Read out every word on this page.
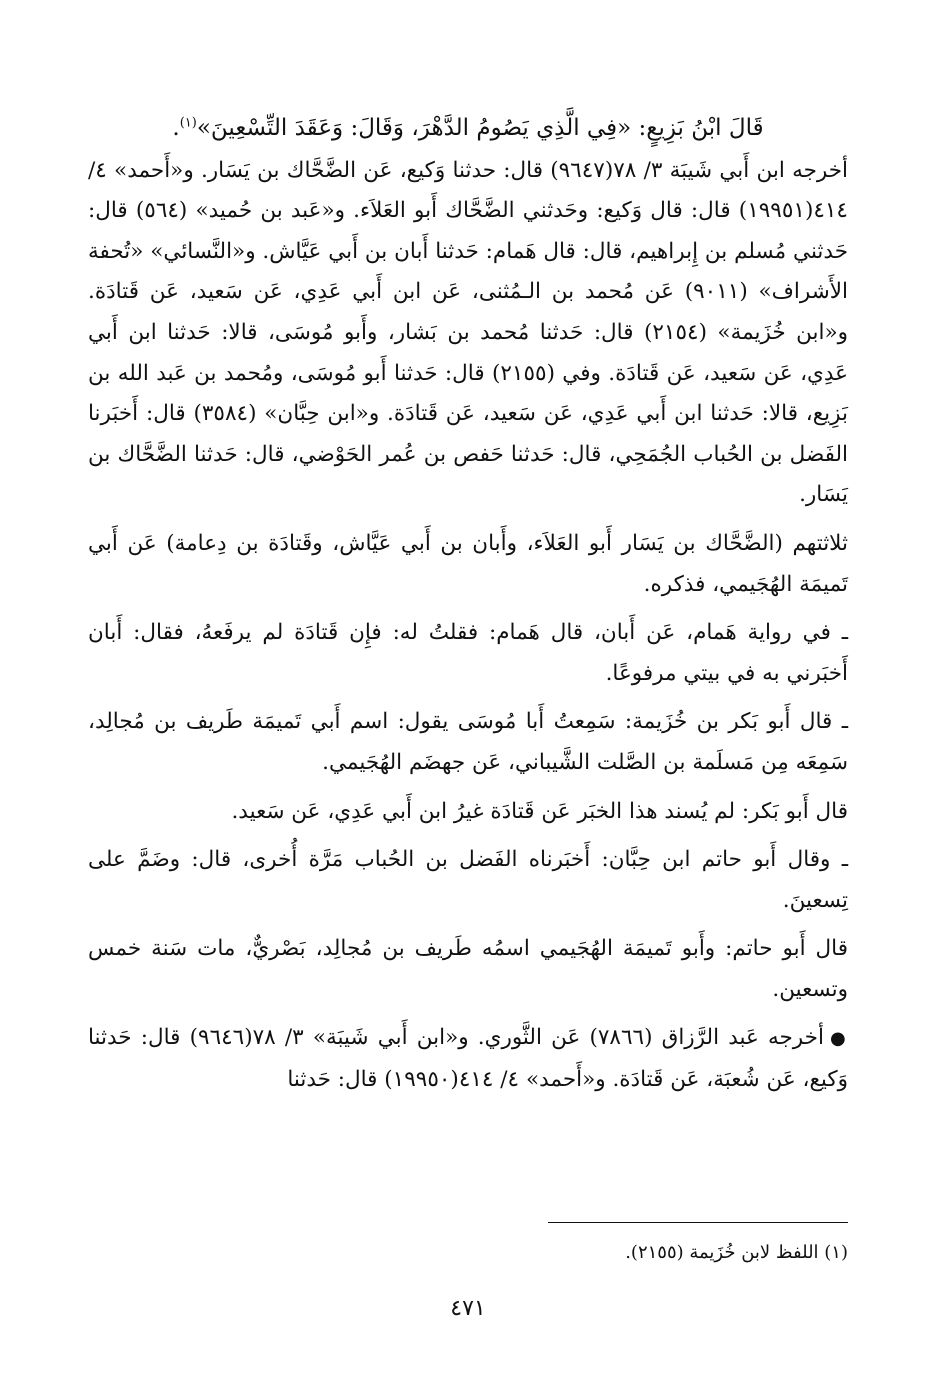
قَالَ ابْنُ بَزِيعٍ: «فِي الَّذِي يَصُومُ الدَّهْرَ، وَقَالَ: وَعَقَدَ التِّسْعِينَ»$^{(١)}$.

أخرجه ابن أَبي شَيبَة ٣/ ٧٨(٩٦٤٧) قال: حدثنا وَكيع، عَن الضَّحَّاك بن يَسَار. و«أَحمد» ٤/ ٤١٤(١٩٩٥١) قال: قال وَكيع: وحَدثني الضَّحَّاك أَبو العَلاَء. و«عَبد بن حُميد» (٥٦٤) قال: حَدثني مُسلم بن إِبراهيم، قال: قال هَمام: حَدثنا أَبان بن أَبي عَيَّاش. و«النَّسائي» «تُحفة الأَشراف» (٩٠١١) عَن مُحمد بن الـمُثنى، عَن ابن أَبي عَدِي، عَن سَعيد، عَن قَتادَة. و«ابن خُزَيمة» (٢١٥٤) قال: حَدثنا مُحمد بن بَشار، وأَبو مُوسَى، قالا: حَدثنا ابن أَبي عَدِي، عَن سَعيد، عَن قَتادَة. وفي (٢١٥٥) قال: حَدثنا أَبو مُوسَى، ومُحمد بن عَبد الله بن بَزِيع، قالا: حَدثنا ابن أَبي عَدِي، عَن سَعيد، عَن قَتادَة. و«ابن حِبَّان» (٣٥٨٤) قال: أَخبَرنا الفَضل بن الحُباب الجُمَحِي، قال: حَدثنا حَفص بن عُمر الحَوْضي، قال: حَدثنا الضَّحَّاك بن يَسَار.

ثلاثتهم (الضَّحَّاك بن يَسَار أَبو العَلاَء، وأَبان بن أَبي عَيَّاش، وقَتادَة بن دِعامة) عَن أَبي تَميمَة الهُجَيمي، فذكره.

ـ في رواية هَمام، عَن أَبان، قال هَمام: فقلتُ له: فإِن قَتادَة لم يرفَعهُ، فقال: أَبان أَخبَرني به في بيتي مرفوعًا.

ـ قال أَبو بَكر بن خُزَيمة: سَمِعتُ أَبا مُوسَى يقول: اسم أَبي تَميمَة طَريف بن مُجالِد، سَمِعَه مِن مَسلَمة بن الصَّلت الشَّيباني، عَن جهضَم الهُجَيمي.

قال أَبو بَكر: لم يُسند هذا الخبَر عَن قَتادَة غيرُ ابن أَبي عَدِي، عَن سَعيد.

ـ وقال أَبو حاتم ابن حِبَّان: أَخبَرناه الفَضل بن الحُباب مَرَّة أُخرى، قال: وضَمَّ على تِسعينَ.

قال أَبو حاتم: وأَبو تَميمَة الهُجَيمي اسمُه طَريف بن مُجالِد، بَصْريٌّ، مات سَنة خمس وتسعين.

●أخرجه عَبد الرَّزاق (٧٨٦٦) عَن الثَّوري. و«ابن أَبي شَيبَة» ٣/ ٧٨(٩٦٤٦) قال: حَدثنا وَكيع، عَن شُعبَة، عَن قَتادَة. و«أَحمد» ٤/ ٤١٤(١٩٩٥٠) قال: حَدثنا

(١) اللفظ لابن خُزَيمة (٢١٥٥).
٤٧١
